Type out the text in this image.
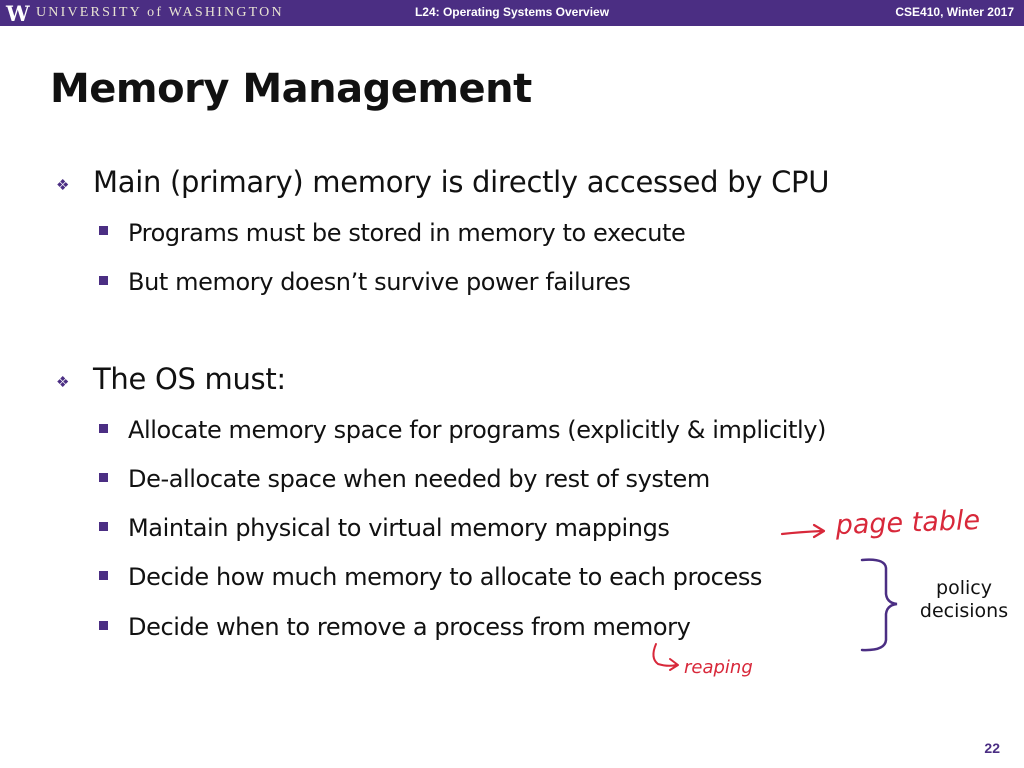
W UNIVERSITY of WASHINGTON	L24: Operating Systems Overview	CSE410, Winter 2017
Memory Management
❖ Main (primary) memory is directly accessed by CPU
Programs must be stored in memory to execute
But memory doesn’t survive power failures
❖ The OS must:
Allocate memory space for programs (explicitly & implicitly)
De-allocate space when needed by rest of system
Maintain physical to virtual memory mappings
Decide how much memory to allocate to each process
Decide when to remove a process from memory
policy
decisions
page table
reaping
22
